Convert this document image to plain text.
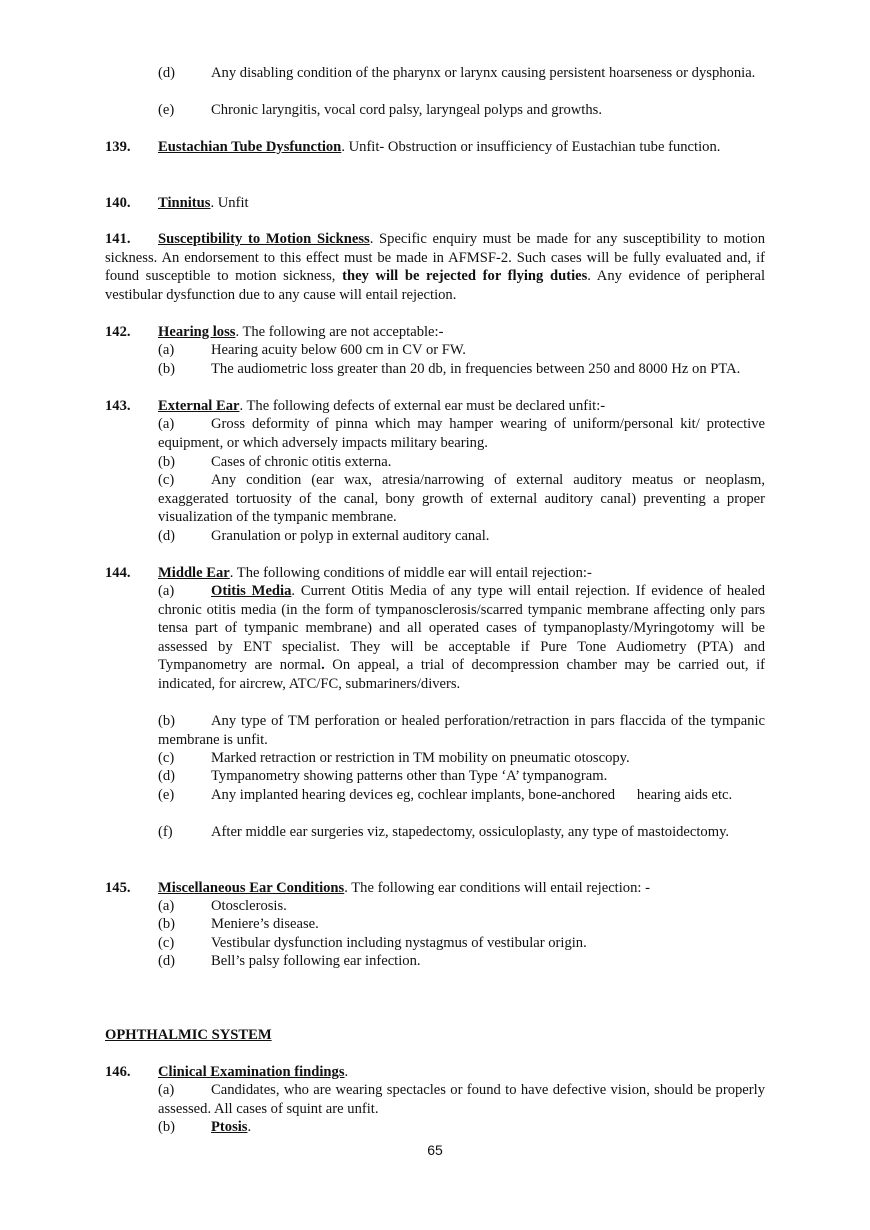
(d) Any disabling condition of the pharynx or larynx causing persistent hoarseness or dysphonia.
(e)	Chronic laryngitis, vocal cord palsy, laryngeal polyps and growths.
139. Eustachian Tube Dysfunction. Unfit- Obstruction or insufficiency of Eustachian tube function.
140. Tinnitus. Unfit
141. Susceptibility to Motion Sickness. Specific enquiry must be made for any susceptibility to motion sickness. An endorsement to this effect must be made in AFMSF-2. Such cases will be fully evaluated and, if found susceptible to motion sickness, they will be rejected for flying duties. Any evidence of peripheral vestibular dysfunction due to any cause will entail rejection.
142. Hearing loss. The following are not acceptable:-
(a)	Hearing acuity below 600 cm in CV or FW.
(b) The audiometric loss greater than 20 db, in frequencies between 250 and 8000 Hz on PTA.
143. External Ear. The following defects of external ear must be declared unfit:-
(a)	Gross deformity of pinna which may hamper wearing of uniform/personal kit/ protective equipment, or which adversely impacts military bearing.
(b) Cases of chronic otitis externa.
(c)	Any condition (ear wax, atresia/narrowing of external auditory meatus or neoplasm, exaggerated tortuosity of the canal, bony growth of external auditory canal) preventing a proper visualization of the tympanic membrane.
(d) Granulation or polyp in external auditory canal.
144. Middle Ear. The following conditions of middle ear will entail rejection:-
(a)	Otitis Media. Current Otitis Media of any type will entail rejection. If evidence of healed chronic otitis media (in the form of tympanosclerosis/scarred tympanic membrane affecting only pars tensa part of tympanic membrane) and all operated cases of tympanoplasty/Myringotomy will be assessed by ENT specialist. They will be acceptable if Pure Tone Audiometry (PTA) and Tympanometry are normal. On appeal, a trial of decompression chamber may be carried out, if indicated, for aircrew, ATC/FC, submariners/divers.
(b) Any type of TM perforation or healed perforation/retraction in pars flaccida of the tympanic membrane is unfit.
(c)	Marked retraction or restriction in TM mobility on pneumatic otoscopy.
(d) Tympanometry showing patterns other than Type ‘A’ tympanogram.
(e)	Any implanted hearing devices eg, cochlear implants, bone-anchored      hearing aids etc.
(f)	After middle ear surgeries viz, stapedectomy, ossiculoplasty, any type of mastoidectomy.
145. Miscellaneous Ear Conditions. The following ear conditions will entail rejection: -
(a)	Otosclerosis.
(b) Meniere’s disease.
(c)	Vestibular dysfunction including nystagmus of vestibular origin.
(d) Bell’s palsy following ear infection.
OPHTHALMIC SYSTEM
146. Clinical Examination findings.
(a)	Candidates, who are wearing spectacles or found to have defective vision, should be properly assessed. All cases of squint are unfit.
(b) Ptosis.
65
